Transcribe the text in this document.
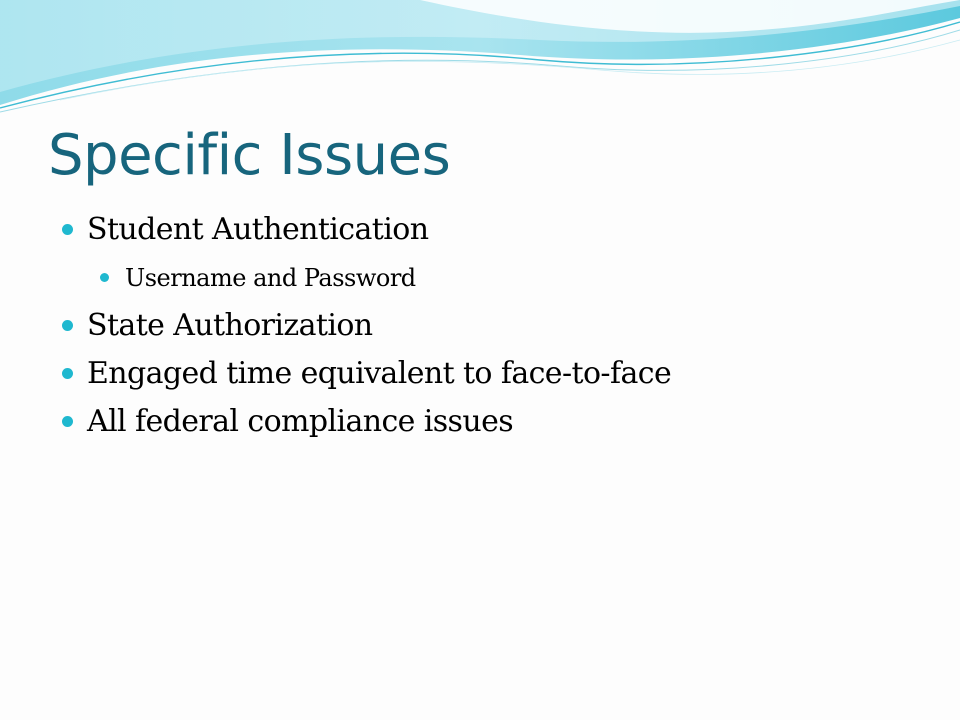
Specific Issues
Student Authentication
Username and Password
State Authorization
Engaged time equivalent to face-to-face
All federal compliance issues
